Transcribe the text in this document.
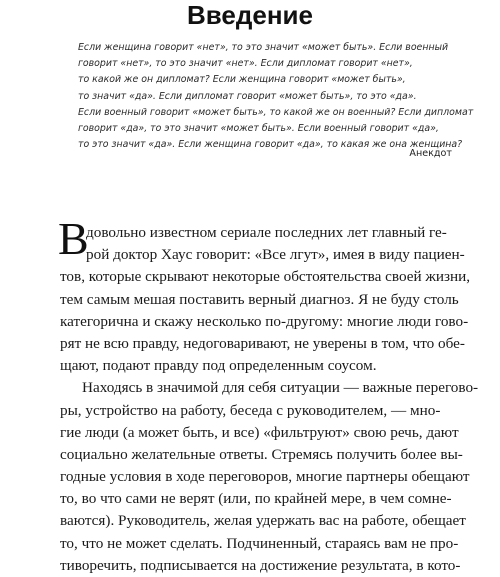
Введение
Если женщина говорит «нет», то это значит «может быть». Если военный
говорит «нет», то это значит «нет». Если дипломат говорит «нет»,
то какой же он дипломат? Если женщина говорит «может быть»,
то значит «да». Если дипломат говорит «может быть», то это «да».
Если военный говорит «может быть», то какой же он военный? Если дипломат
говорит «да», то это значит «может быть». Если военный говорит «да»,
то это значит «да». Если женщина говорит «да», то какая же она женщина?
Анекдот
В
довольно известном сериале последних лет главный ге-
рой доктор Хаус говорит: «Все лгут», имея в виду пациен-
тов, которые скрывают некоторые обстоятельства своей жизни,
тем самым мешая поставить верный диагноз. Я не буду столь
категорична и скажу несколько по-другому: многие люди гово-
рят не всю правду, недоговаривают, не уверены в том, что обе-
щают, подают правду под определенным соусом.
Находясь в значимой для себя ситуации — важные перегово-
ры, устройство на работу, беседа с руководителем, — мно-
гие люди (а может быть, и все) «фильтруют» свою речь, дают
социально желательные ответы. Стремясь получить более вы-
годные условия в ходе переговоров, многие партнеры обещают
то, во что сами не верят (или, по крайней мере, в чем сомне-
ваются). Руководитель, желая удержать вас на работе, обещает
то, что не может сделать. Подчиненный, стараясь вам не про-
тиворечить, подписывается на достижение результата, в кото-
